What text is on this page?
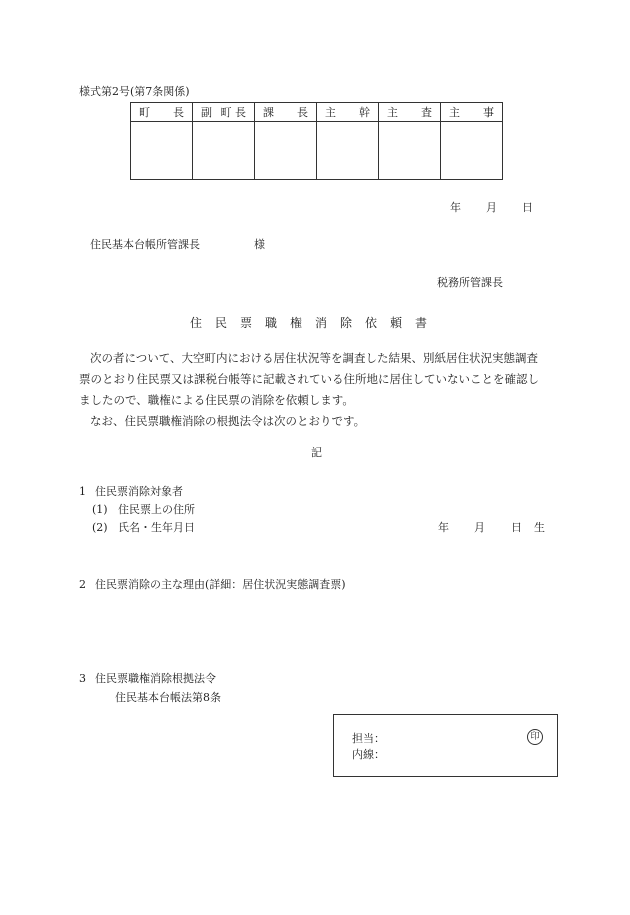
様式第2号(第7条関係)
町 長	副 町 長	課 長	主 幹	主 査	主 事

年 月 日
住民基本台帳所管課長	様
税務所管課長
住民票職権消除依頼書

次の者について、大空町内における居住状況等を調査した結果、別紙居住状況実態調査

票のとおり住民票又は課税台帳等に記載されている住所地に居住していないことを確認し

ましたので、職権による住民票の消除を依頼します。

なお、住民票職権消除の根拠法令は次のとおりです。

記
1 住民票消除対象者
(1) 住民票上の住所
(2) 氏名・生年月日	年 月 日 生
2 住民票消除の主な理由(詳細：居住状況実態調査票)
3 住民票職権消除根拠法令
住民基本台帳法第8条
担当：
内線：
印
